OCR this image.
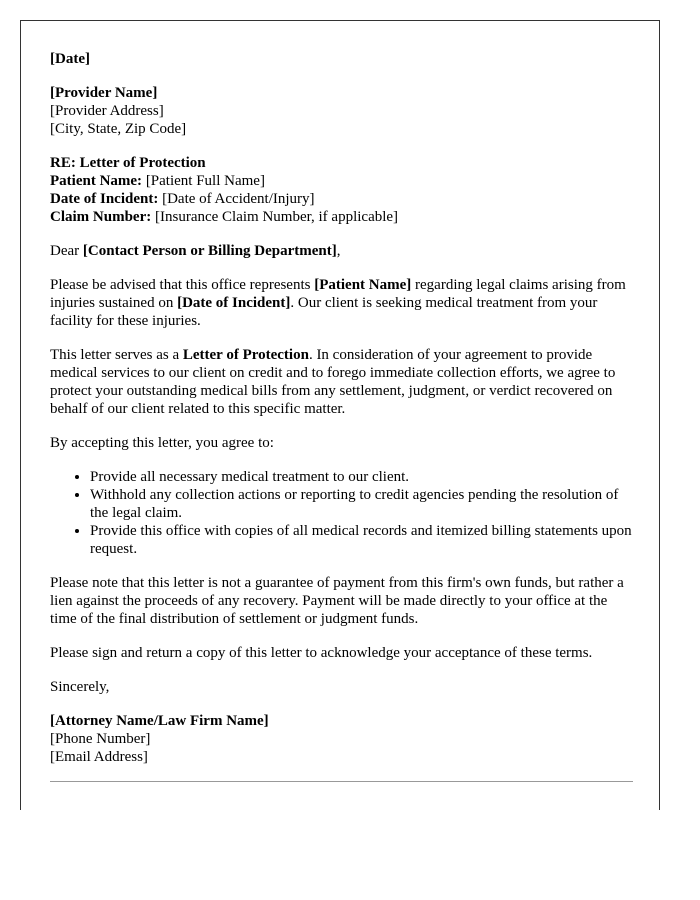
[Date]

[Provider Name]
[Provider Address]
[City, State, Zip Code]

RE: Letter of Protection
Patient Name: [Patient Full Name]
Date of Incident: [Date of Accident/Injury]
Claim Number: [Insurance Claim Number, if applicable]

Dear [Contact Person or Billing Department],

Please be advised that this office represents [Patient Name] regarding legal claims arising from injuries sustained on [Date of Incident]. Our client is seeking medical treatment from your facility for these injuries.

This letter serves as a Letter of Protection. In consideration of your agreement to provide medical services to our client on credit and to forego immediate collection efforts, we agree to protect your outstanding medical bills from any settlement, judgment, or verdict recovered on behalf of our client related to this specific matter.

By accepting this letter, you agree to:

• Provide all necessary medical treatment to our client.
• Withhold any collection actions or reporting to credit agencies pending the resolution of the legal claim.
• Provide this office with copies of all medical records and itemized billing statements upon request.

Please note that this letter is not a guarantee of payment from this firm's own funds, but rather a lien against the proceeds of any recovery. Payment will be made directly to your office at the time of the final distribution of settlement or judgment funds.

Please sign and return a copy of this letter to acknowledge your acceptance of these terms.

Sincerely,

[Attorney Name/Law Firm Name]
[Phone Number]
[Email Address]
